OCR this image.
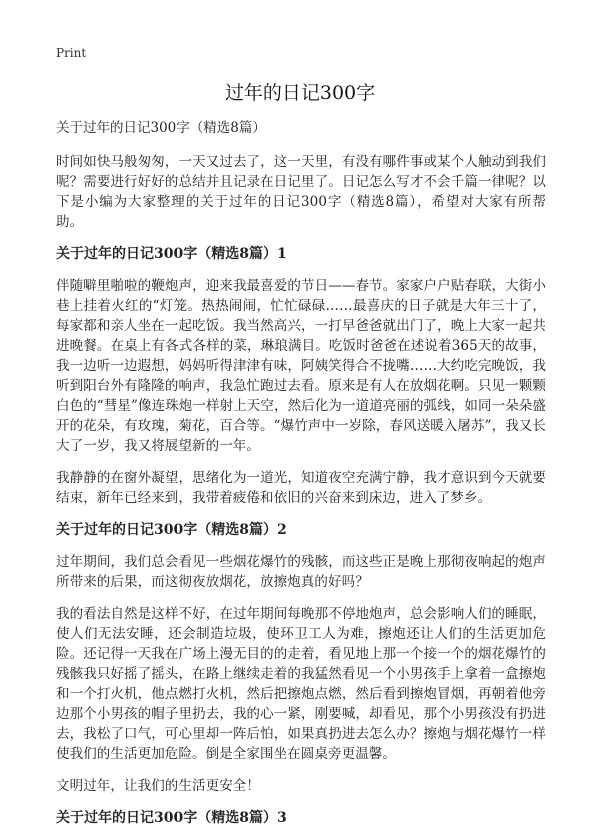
Print
过年的日记300字
关于过年的日记300字（精选8篇）

时间如快马般匆匆，一天又过去了，这一天里，有没有哪件事或某个人触动到我们呢？需要进行好好的总结并且记录在日记里了。日记怎么写才不会千篇一律呢？以下是小编为大家整理的关于过年的日记300字（精选8篇），希望对大家有所帮助。

关于过年的日记300字（精选8篇）1

伴随噼里啪啦的鞭炮声，迎来我最喜爱的节日——春节。家家户户贴春联，大街小巷上挂着火红的“灯笼。热热闹闹，忙忙碌碌……最喜庆的日子就是大年三十了，每家都和亲人坐在一起吃饭。我当然高兴，一打早爸爸就出门了，晚上大家一起共进晚餐。在桌上有各式各样的菜，琳琅满目。吃饭时爸爸在述说着365天的故事，我一边听一边遐想，妈妈听得津津有味，阿姨笑得合不拢嘴……大约吃完晚饭，我听到阳台外有隆隆的响声，我急忙跑过去看。原来是有人在放烟花啊。只见一颗颗白色的“彗星”像连珠炮一样射上天空，然后化为一道道亮丽的弧线，如同一朵朵盛开的花朵，有玫瑰，菊花，百合等。“爆竹声中一岁除，春风送暖入屠苏”，我又长大了一岁，我又将展望新的一年。

我静静的在窗外凝望，思绪化为一道光，知道夜空充满宁静，我才意识到今天就要结束，新年已经来到，我带着疲倦和依旧的兴奋来到床边，进入了梦乡。

关于过年的日记300字（精选8篇）2

过年期间，我们总会看见一些烟花爆竹的残骸，而这些正是晚上那彻夜响起的炮声所带来的后果，而这彻夜放烟花，放擦炮真的好吗？

我的看法自然是这样不好，在过年期间每晚那不停地炮声，总会影响人们的睡眠，使人们无法安睡，还会制造垃圾，使环卫工人为难，擦炮还让人们的生活更加危险。还记得一天我在广场上漫无目的的走着，看见地上那一个接一个的烟花爆竹的残骸我只好摇了摇头，在路上继续走着的我猛然看见一个小男孩手上拿着一盒擦炮和一个打火机，他点燃打火机，然后把擦炮点燃，然后看到擦炮冒烟，再朝着他旁边那个小男孩的帽子里扔去，我的心一紧，刚要喊，却看见，那个小男孩没有扔进去，我松了口气，可心里却一阵后怕，如果真扔进去怎么办？擦炮与烟花爆竹一样使我们的生活更加危险。倒是全家围坐在圆桌旁更温馨。

文明过年，让我们的生活更安全！

关于过年的日记300字（精选8篇）3
